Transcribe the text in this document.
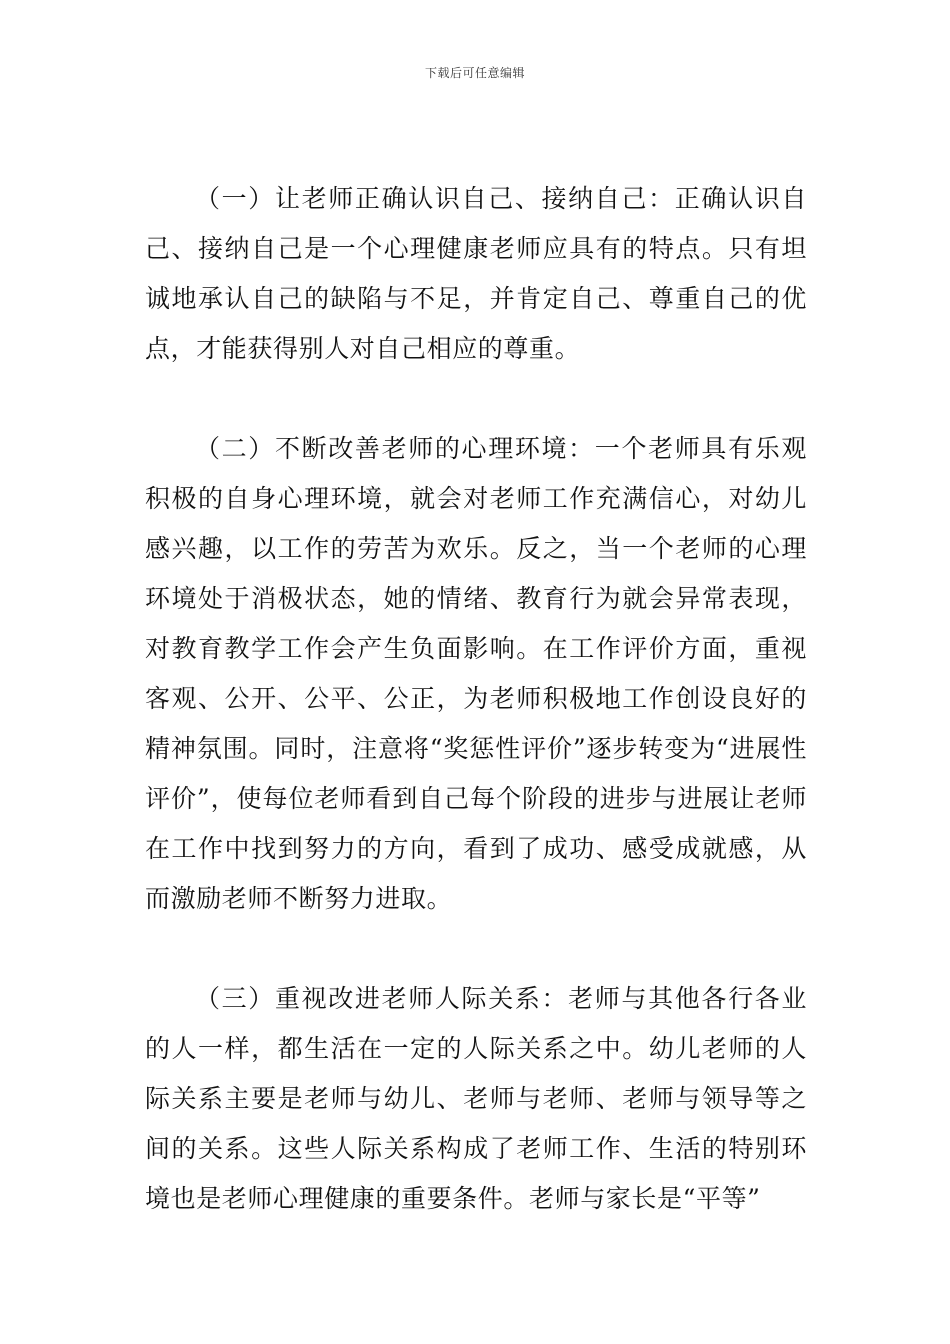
下载后可任意编辑

（一）让老师正确认识自己、接纳自己：正确认识自己、接纳自己是一个心理健康老师应具有的特点。只有坦诚地承认自己的缺陷与不足，并肯定自己、尊重自己的优点，才能获得别人对自己相应的尊重。

（二）不断改善老师的心理环境：一个老师具有乐观积极的自身心理环境，就会对老师工作充满信心，对幼儿感兴趣，以工作的劳苦为欢乐。反之，当一个老师的心理环境处于消极状态，她的情绪、教育行为就会异常表现，对教育教学工作会产生负面影响。在工作评价方面，重视客观、公开、公平、公正，为老师积极地工作创设良好的精神氛围。同时，注意将“奖惩性评价”逐步转变为“进展性评价”，使每位老师看到自己每个阶段的进步与进展让老师在工作中找到努力的方向，看到了成功、感受成就感，从而激励老师不断努力进取。

（三）重视改进老师人际关系：老师与其他各行各业的人一样，都生活在一定的人际关系之中。幼儿老师的人际关系主要是老师与幼儿、老师与老师、老师与领导等之间的关系。这些人际关系构成了老师工作、生活的特别环境也是老师心理健康的重要条件。老师与家长是“平等”
